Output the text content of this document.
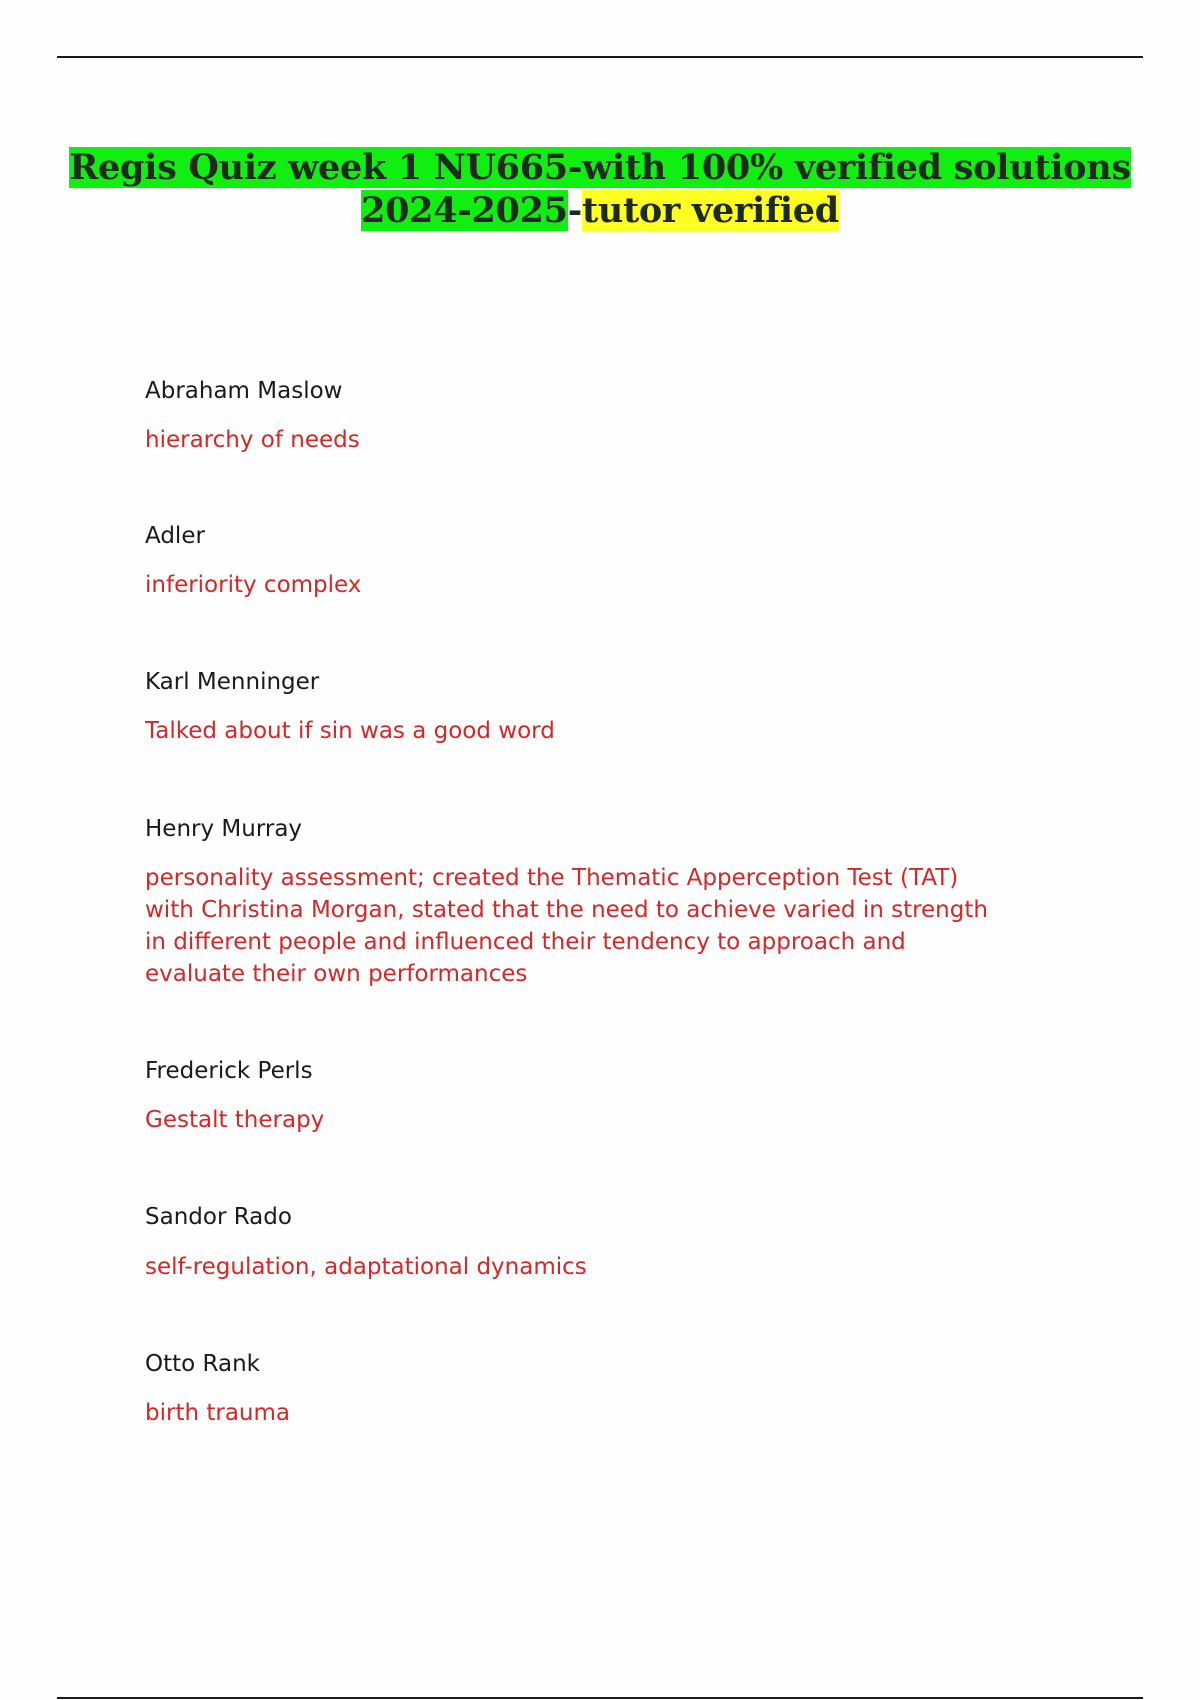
Regis Quiz week 1 NU665-with 100% verified solutions
2024-2025-tutor verified

Abraham Maslow

hierarchy of needs

Adler

inferiority complex

Karl Menninger

Talked about if sin was a good word

Henry Murray

personality assessment; created the Thematic Apperception Test (TAT)

with Christina Morgan, stated that the need to achieve varied in strength

in different people and influenced their tendency to approach and

evaluate their own performances

Frederick Perls

Gestalt therapy

Sandor Rado

self-regulation, adaptational dynamics

Otto Rank

birth trauma
